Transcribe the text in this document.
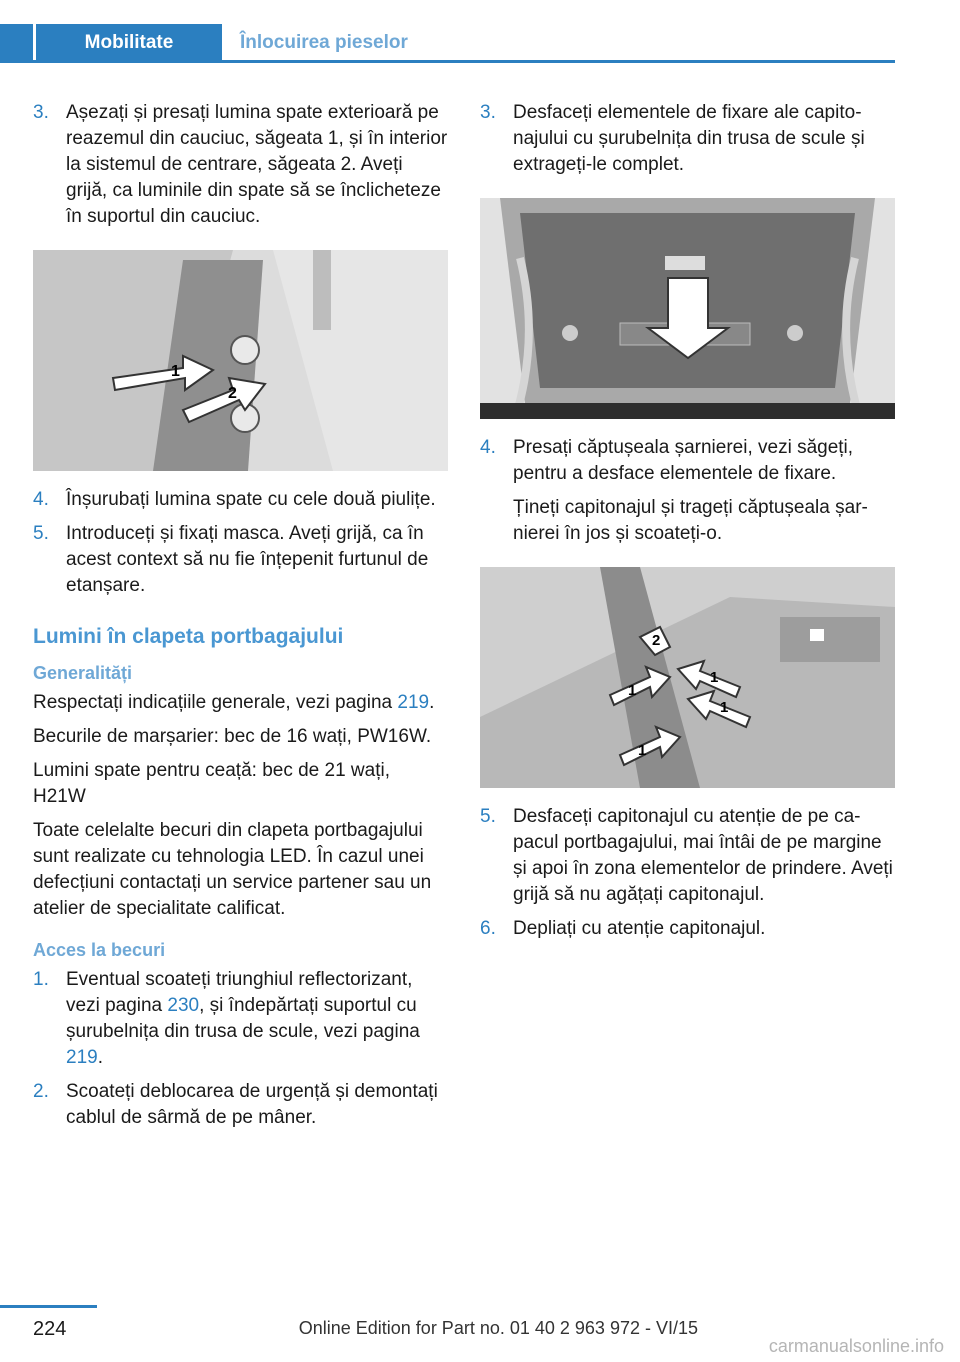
Mobilitate	Înlocuirea pieselor
3. Așezați și presați lumina spate exterioară pe reazemul din cauciuc, săgeata 1, și în interior la sistemul de centrare, săgeata 2. Aveți grijă, ca luminile din spate să se înclicheteze în suportul din cauciuc.
1
2
4. Înșurubați lumina spate cu cele două piulițe.
5. Introduceți și fixați masca. Aveți grijă, ca în acest context să nu fie înțepenit furtunul de etanșare.
Lumini în clapeta portbagajului
Generalități
Respectați indicațiile generale, vezi pagina 219.
Becurile de marșarier: bec de 16 wați, PW16W.
Lumini spate pentru ceață: bec de 21 wați, H21W
Toate celelalte becuri din clapeta portbagajului sunt realizate cu tehnologia LED. În cazul unei defecțiuni contactați un service partener sau un atelier de specialitate calificat.
Acces la becuri
1. Eventual scoateți triunghiul reflectorizant, vezi pagina 230, și îndepărtați suportul cu șurubelnița din trusa de scule, vezi pagina 219.
2. Scoateți deblocarea de urgență și demontați cablul de sârmă de pe mâner.
3. Desfaceți elementele de fixare ale capitonajului cu șurubelnița din trusa de scule și extrageți-le complet.
4. Presați căptușeala șarnierei, vezi săgeți, pentru a desface elementele de fixare.
Țineți capitonajul și trageți căptușeala șarnierei în jos și scoateți-o.
1
1
1
1
2
5. Desfaceți capitonajul cu atenție de pe capacul portbagajului, mai întâi de pe margine și apoi în zona elementelor de prindere. Aveți grijă să nu agățați capitonajul.
6. Depliați cu atenție capitonajul.
224	Online Edition for Part no. 01 40 2 963 972 - VI/15
carmanualsonline.info
